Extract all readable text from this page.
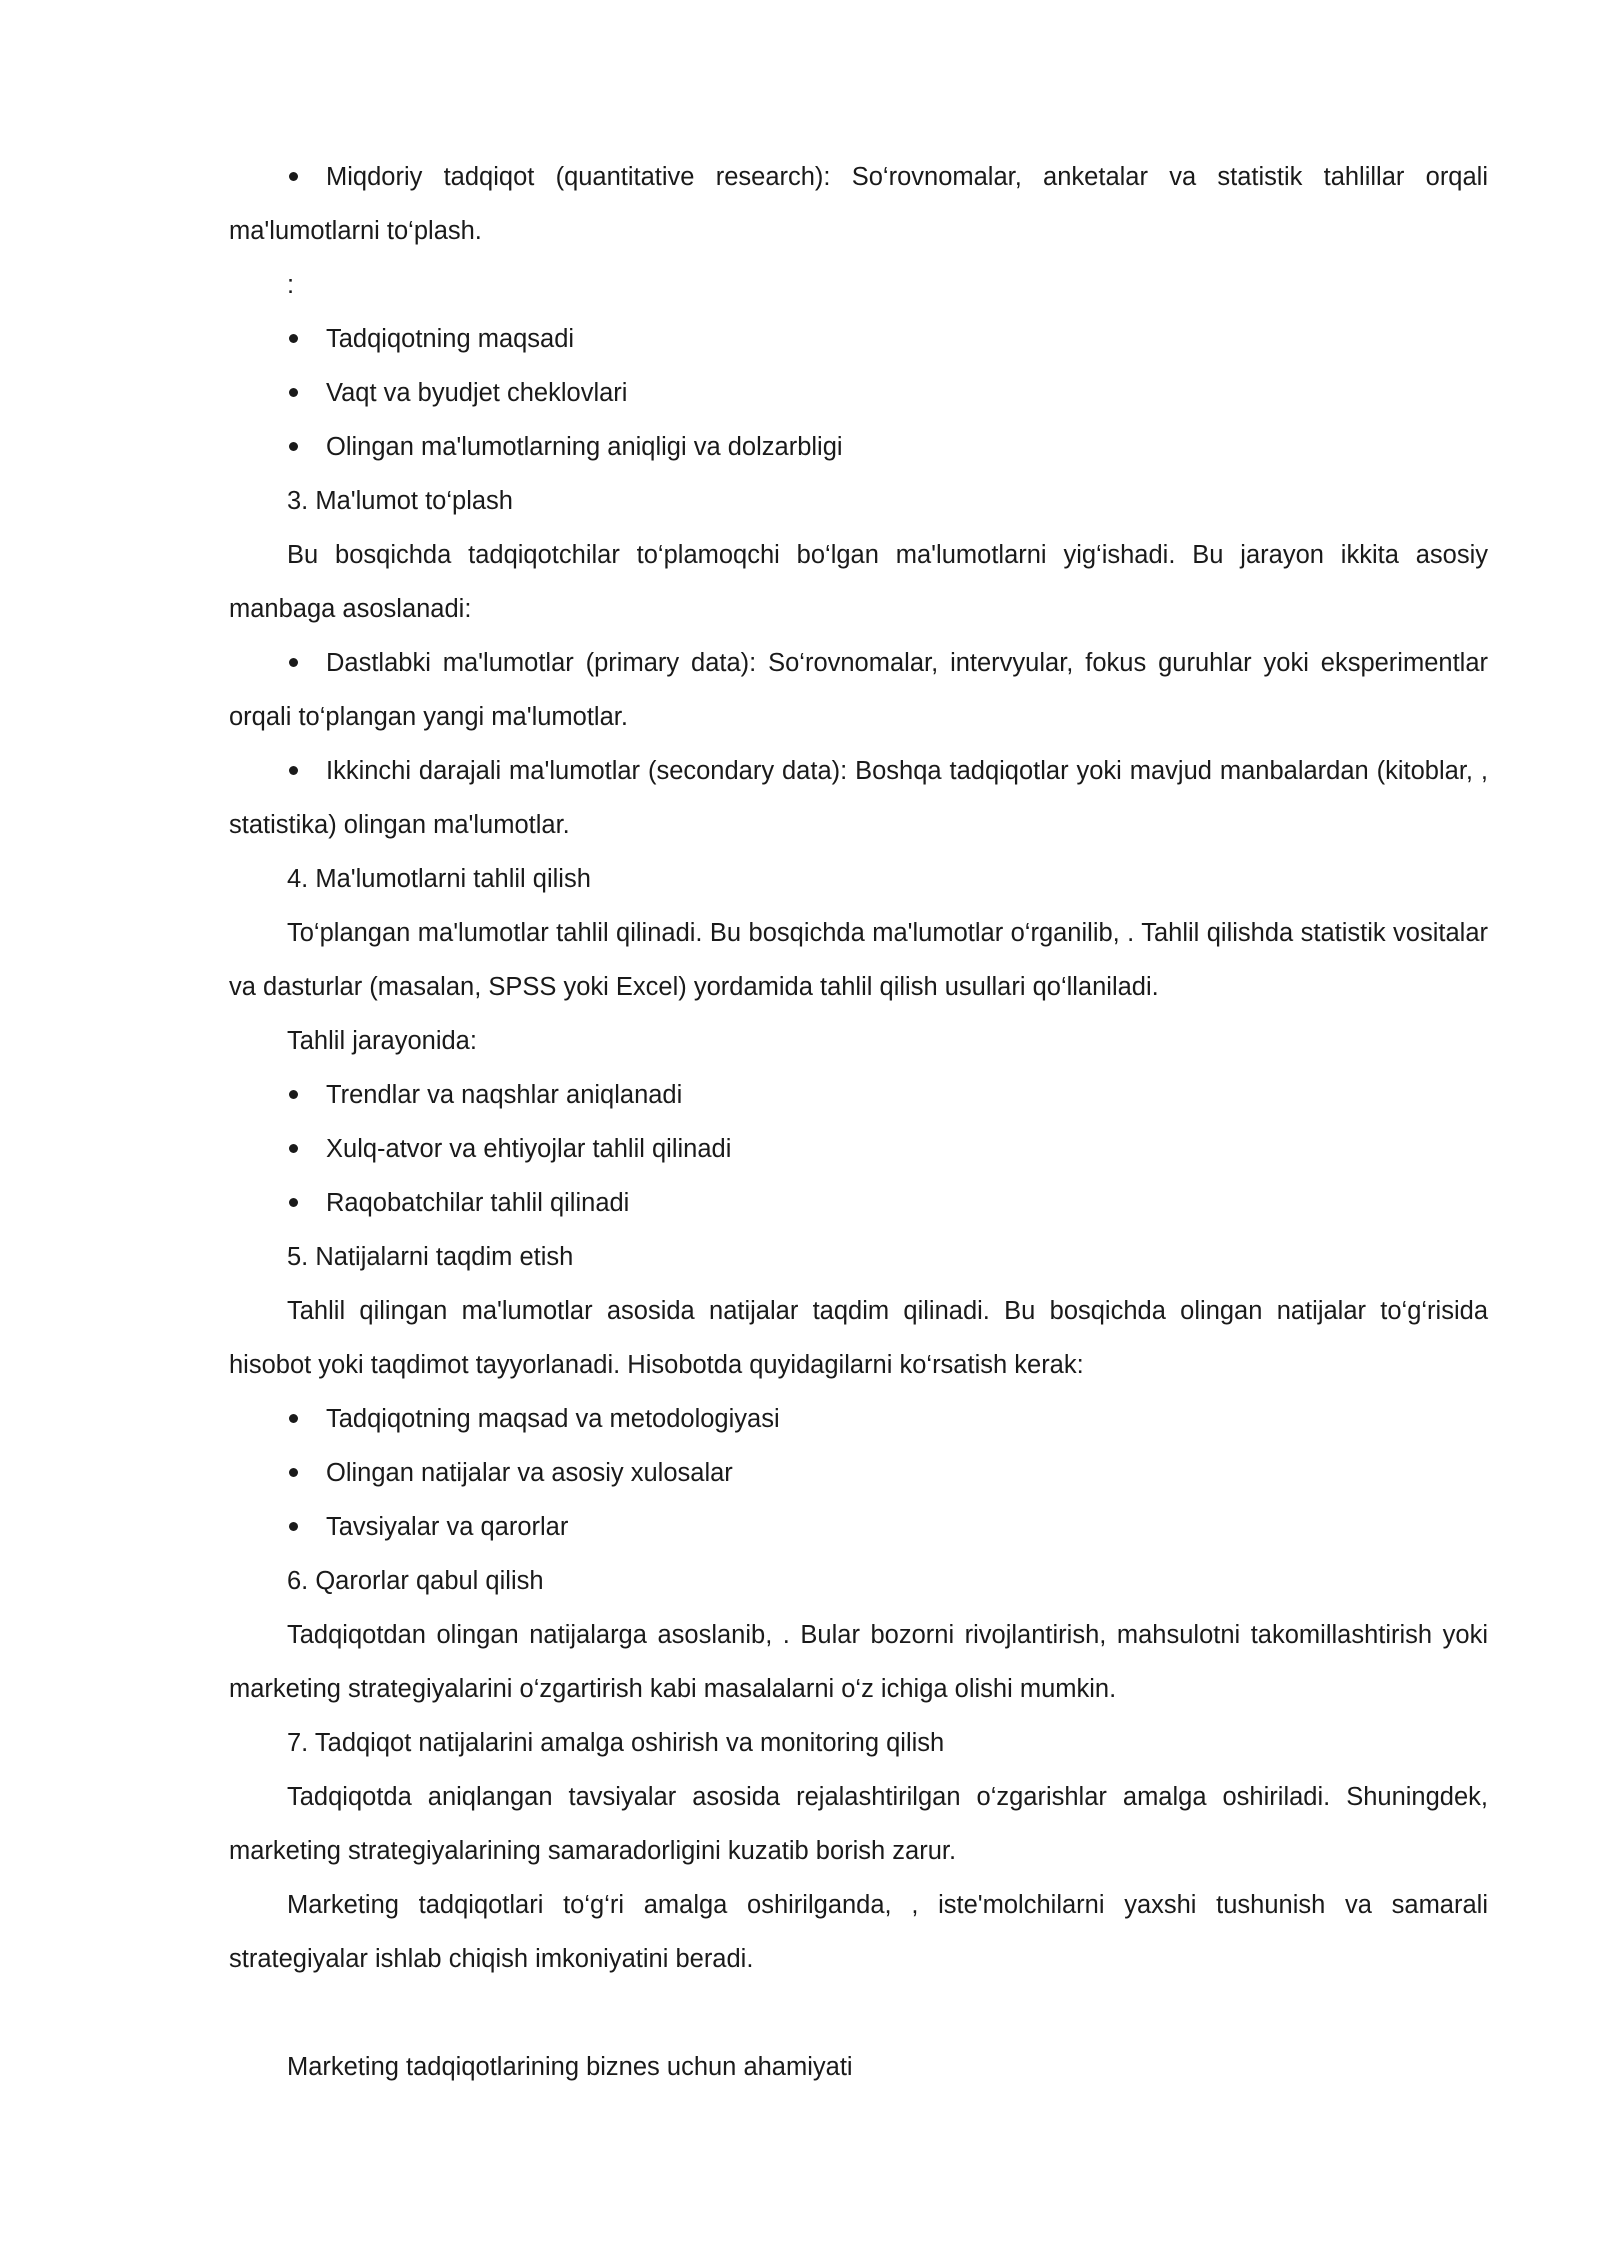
Miqdoriy tadqiqot (quantitative research): So‘rovnomalar, anketalar va statistik tahlillar orqali ma'lumotlarni to‘plash.

:

Tadqiqotning maqsadi

Vaqt va byudjet cheklovlari

Olingan ma'lumotlarning aniqligi va dolzarbligi

3. Ma'lumot to‘plash

Bu bosqichda tadqiqotchilar to‘plamoqchi bo‘lgan ma'lumotlarni yig‘ishadi. Bu jarayon ikkita asosiy manbaga asoslanadi:

Dastlabki ma'lumotlar (primary data): So‘rovnomalar, intervyular, fokus guruhlar yoki eksperimentlar orqali to‘plangan yangi ma'lumotlar.

Ikkinchi darajali ma'lumotlar (secondary data): Boshqa tadqiqotlar yoki mavjud manbalardan (kitoblar, , statistika) olingan ma'lumotlar.

4. Ma'lumotlarni tahlil qilish

To‘plangan ma'lumotlar tahlil qilinadi. Bu bosqichda ma'lumotlar o‘rganilib, . Tahlil qilishda statistik vositalar va dasturlar (masalan, SPSS yoki Excel) yordamida tahlil qilish usullari qo‘llaniladi.

Tahlil jarayonida:

Trendlar va naqshlar aniqlanadi

Xulq-atvor va ehtiyojlar tahlil qilinadi

Raqobatchilar tahlil qilinadi

5. Natijalarni taqdim etish

Tahlil qilingan ma'lumotlar asosida natijalar taqdim qilinadi. Bu bosqichda olingan natijalar to‘g‘risida hisobot yoki taqdimot tayyorlanadi. Hisobotda quyidagilarni ko‘rsatish kerak:

Tadqiqotning maqsad va metodologiyasi

Olingan natijalar va asosiy xulosalar

Tavsiyalar va qarorlar

6. Qarorlar qabul qilish

Tadqiqotdan olingan natijalarga asoslanib, . Bular bozorni rivojlantirish, mahsulotni takomillashtirish yoki marketing strategiyalarini o‘zgartirish kabi masalalarni o‘z ichiga olishi mumkin.

7. Tadqiqot natijalarini amalga oshirish va monitoring qilish

Tadqiqotda aniqlangan tavsiyalar asosida rejalashtirilgan o‘zgarishlar amalga oshiriladi. Shuningdek, marketing strategiyalarining samaradorligini kuzatib borish zarur.

Marketing tadqiqotlari to‘g‘ri amalga oshirilganda, , iste'molchilarni yaxshi tushunish va samarali strategiyalar ishlab chiqish imkoniyatini beradi.

Marketing tadqiqotlarining biznes uchun ahamiyati
